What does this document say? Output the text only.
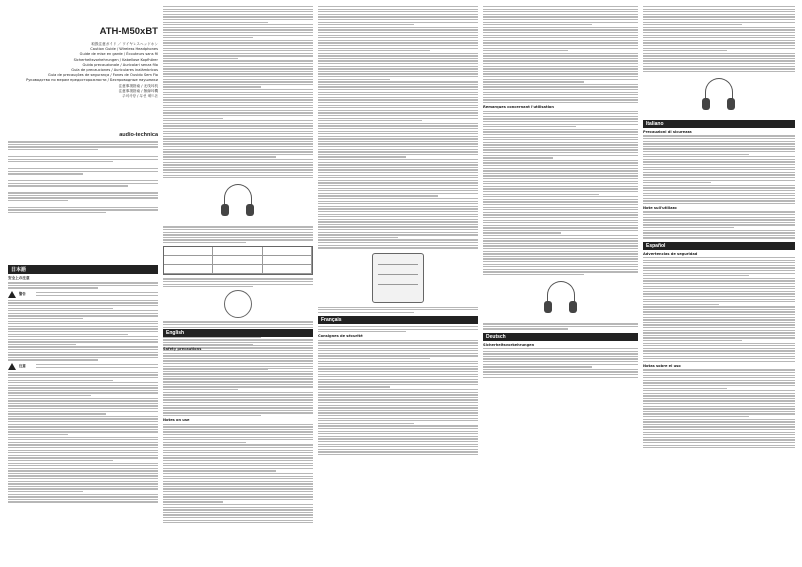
ATH-M50xBT
取扱注意ガイド ／ ワイヤレスヘッドホン
Caution Guide / Wireless Headphones
Guide de mise en garde / Écouteurs sans fil
Sicherheitsvorkehrungen / Kabellose Kopfhörer
Guida precauzionale / Auricolari senza filo
Guía de precauciones / Auriculares inalámbricos
Guia de precauções de segurança / Fones de Ouvido Sem Fio
Руководство по мерам предосторожности / Беспроводные наушники
注意事項指南 / 无线耳机
注意事項指南 / 無線耳機
주의사항 / 무선 헤드폰
audio-technica
日本語
安全上の注意
警告
注意
English
Safety precautions
Notes on use
Français
Consignes de sécurité
Remarques concernant l'utilisation
Deutsch
Sicherheitsvorkehrungen
Italiano
Precauzioni di sicurezza
Note sull'utilizzo
Español
Advertencias de seguridad
Notas sobre el uso
